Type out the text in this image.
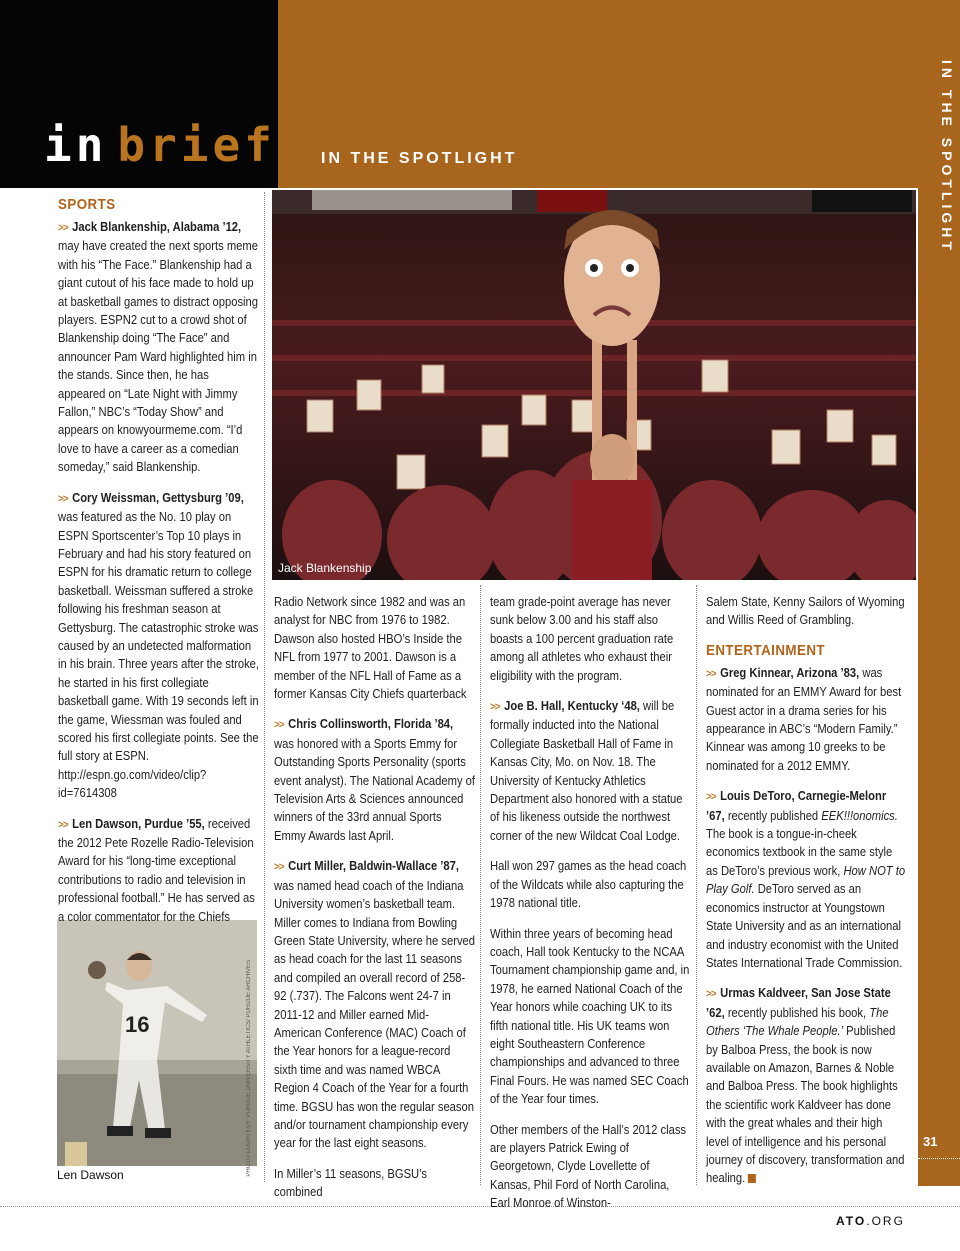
in brief	IN THE SPOTLIGHT	IN THE SPOTLIGHT
31
ATO.ORG
Jack Blankenship
16	PHOTO COURTESY: PURDUE UNIVERSITY ATHLETICS/ PURDUE ARCHIVES
Len Dawson
SPORTS

>> Jack Blankenship, Alabama ’12, may have created the next sports meme with his “The Face.” Blankenship had a giant cutout of his face made to hold up at basketball games to distract opposing players. ESPN2 cut to a crowd shot of Blankenship doing “The Face” and announcer Pam Ward highlighted him in the stands. Since then, he has appeared on “Late Night with Jimmy Fallon,” NBC’s “Today Show” and appears on knowyourmeme.com. “I’d love to have a career as a comedian someday,” said Blankenship.

>> Cory Weissman, Gettysburg ’09, was featured as the No. 10 play on ESPN Sportscenter’s Top 10 plays in February and had his story featured on ESPN for his dramatic return to college basketball. Weissman suffered a stroke following his freshman season at Gettysburg. The catastrophic stroke was caused by an undetected malformation in his brain. Three years after the stroke, he started in his first collegiate basketball game. With 19 seconds left in the game, Wiessman was fouled and scored his first collegiate points. See the full story at ESPN. http://espn.go.com/video/clip?id=7614308

>> Len Dawson, Purdue ’55, received the 2012 Pete Rozelle Radio-Television Award for his “long-time exceptional contributions to radio and television in professional football.” He has served as a color commentator for the Chiefs

Radio Network since 1982 and was an analyst for NBC from 1976 to 1982. Dawson also hosted HBO’s Inside the NFL from 1977 to 2001. Dawson is a member of the NFL Hall of Fame as a former Kansas City Chiefs quarterback

>> Chris Collinsworth, Florida ’84, was honored with a Sports Emmy for Outstanding Sports Personality (sports event analyst). The National Academy of Television Arts & Sciences announced winners of the 33rd annual Sports Emmy Awards last April.

>> Curt Miller, Baldwin-Wallace ’87, was named head coach of the Indiana University women’s basketball team. Miller comes to Indiana from Bowling Green State University, where he served as head coach for the last 11 seasons and compiled an overall record of 258-92 (.737). The Falcons went 24-7 in 2011-12 and Miller earned Mid-American Conference (MAC) Coach of the Year honors for a league-record sixth time and was named WBCA Region 4 Coach of the Year for a fourth time. BGSU has won the regular season and/or tournament championship every year for the last eight seasons.

In Miller’s 11 seasons, BGSU’s combined

team grade-point average has never sunk below 3.00 and his staff also boasts a 100 percent graduation rate among all athletes who exhaust their eligibility with the program.

>> Joe B. Hall, Kentucky ‘48, will be formally inducted into the National Collegiate Basketball Hall of Fame in Kansas City, Mo. on Nov. 18. The University of Kentucky Athletics Department also honored with a statue of his likeness outside the northwest corner of the new Wildcat Coal Lodge.

Hall won 297 games as the head coach of the Wildcats while also capturing the 1978 national title.

Within three years of becoming head coach, Hall took Kentucky to the NCAA Tournament championship game and, in 1978, he earned National Coach of the Year honors while coaching UK to its fifth national title. His UK teams won eight Southeastern Conference championships and advanced to three Final Fours. He was named SEC Coach of the Year four times.

Other members of the Hall’s 2012 class are players Patrick Ewing of Georgetown, Clyde Lovellette of Kansas, Phil Ford of North Carolina, Earl Monroe of Winston-

Salem State, Kenny Sailors of Wyoming and Willis Reed of Grambling.

ENTERTAINMENT

>> Greg Kinnear, Arizona ’83, was nominated for an EMMY Award for best Guest actor in a drama series for his appearance in ABC’s “Modern Family.” Kinnear was among 10 greeks to be nominated for a 2012 EMMY.

>> Louis DeToro, Carnegie-Melonr ’67, recently published EEK!!!onomics. The book is a tongue-in-cheek economics textbook in the same style as DeToro’s previous work, How NOT to Play Golf. DeToro served as an economics instructor at Youngstown State University and as an international and industry economist with the United States International Trade Commission.

>> Urmas Kaldveer, San Jose State ’62, recently published his book, The Others ‘The Whale People.’ Published by Balboa Press, the book is now available on Amazon, Barnes & Noble and Balboa Press. The book highlights the scientific work Kaldveer has done with the great whales and their high level of intelligence and his personal journey of discovery, transformation and healing.
